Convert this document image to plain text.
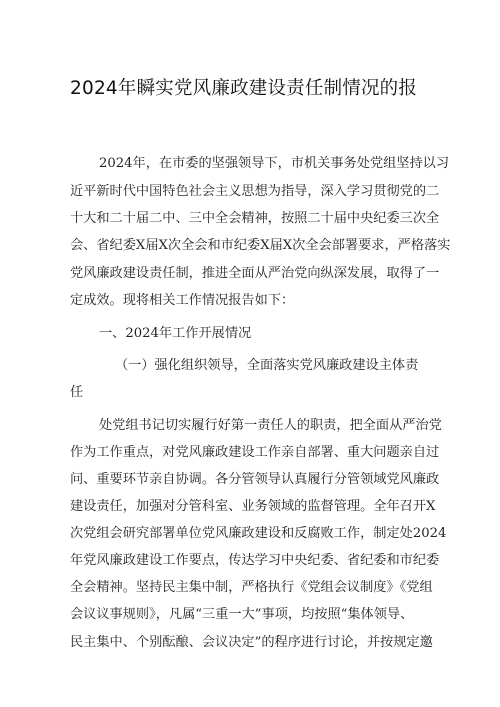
2024年瞬实党风廉政建设责任制情况的报
2024年，在市委的坚强领导下，市机关事务处党组坚持以习
近平新时代中国特色社会主义思想为指导，深入学习贯彻党的二
十大和二十届二中、三中全会精神，按照二十届中央纪委三次全
会、省纪委X届X次全会和市纪委X届X次全会部署要求，严格落实
党风廉政建设责任制，推进全面从严治党向纵深发展，取得了一
定成效。现将相关工作情况报告如下：
一、2024年工作开展情况
（一）强化组织领导，全面落实党风廉政建设主体责
任
处党组书记切实履行好第一责任人的职责，把全面从严治党
作为工作重点，对党风廉政建设工作亲自部署、重大问题亲自过
问、重要环节亲自协调。各分管领导认真履行分管领域党风廉政
建设责任，加强对分管科室、业务领域的监督管理。全年召开X
次党组会研究部署单位党风廉政建设和反腐败工作，制定处2024
年党风廉政建设工作要点，传达学习中央纪委、省纪委和市纪委
全会精神。坚持民主集中制，严格执行《党组会议制度》《党组
会议议事规则》，凡属“三重一大”事项，均按照“集体领导、
民主集中、个别酝酿、会议决定”的程序进行讨论，并按规定邀
